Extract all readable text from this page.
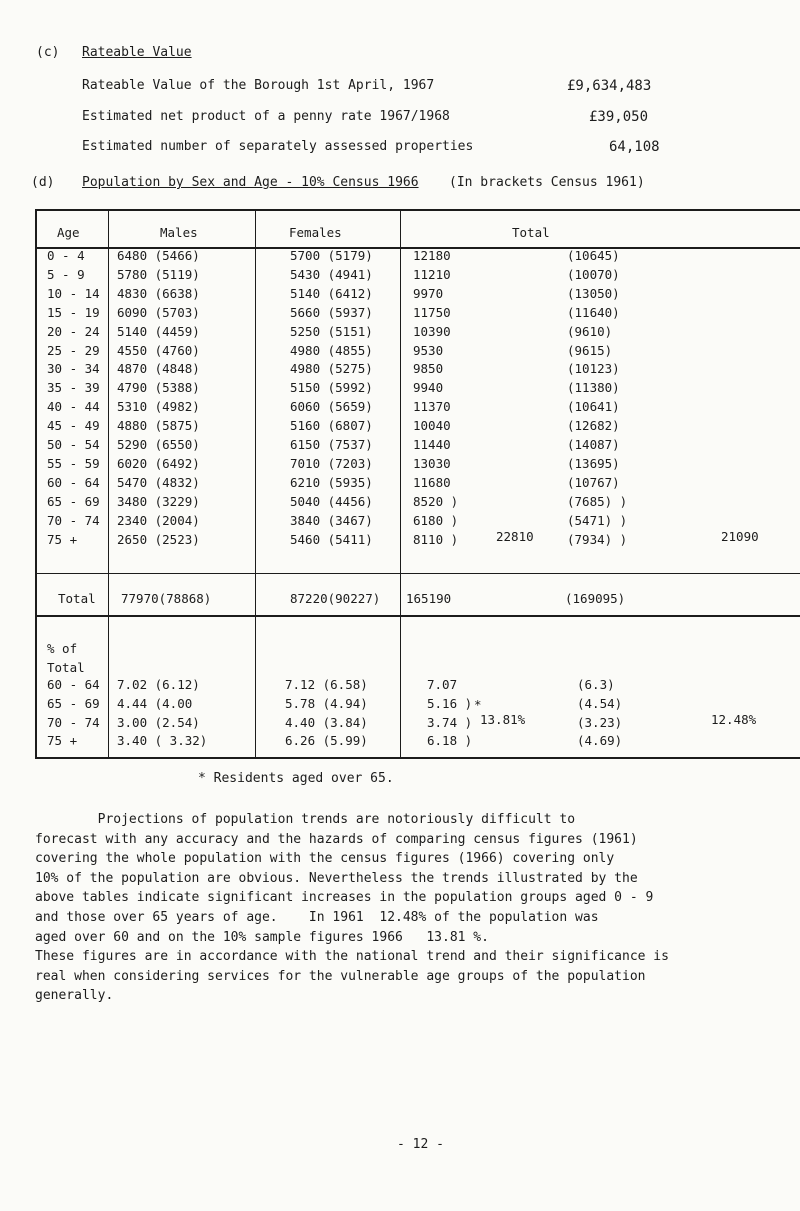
(c) Rateable Value
Rateable Value of the Borough 1st April, 1967	£9,634,483
Estimated net product of a penny rate 1967/1968	£39,050
Estimated number of separately assessed properties	64,108
(d) Population by Sex and Age - 10% Census 1966 (In brackets Census 1961)
Age	Males	Females	Total
0 - 4	6480 (5466)	5700 (5179)	12180	(10645)
5 - 9	5780 (5119)	5430 (4941)	11210	(10070)
10 - 14 4830 (6638)	5140 (6412)	9970	(13050)
15 - 19 6090 (5703)	5660 (5937)	11750	(11640)
20 - 24 5140 (4459)	5250 (5151)	10390	(9610)
25 - 29 4550 (4760)	4980 (4855)	9530	(9615)
30 - 34 4870 (4848)	4980 (5275)	9850	(10123)
35 - 39 4790 (5388)	5150 (5992)	9940	(11380)
40 - 44 5310 (4982)	6060 (5659)	11370	(10641)
45 - 49 4880 (5875)	5160 (6807)	10040	(12682)
50 - 54 5290 (6550)	6150 (7537)	11440	(14087)
55 - 59 6020 (6492)	7010 (7203)	13030	(13695)
60 - 64 5470 (4832)	6210 (5935)	11680	(10767)
65 - 69 3480 (3229)	5040 (4456)	8520 )	(7685) )
70 - 74 2340 (2004)	3840 (3467)	6180 )	(5471) )
75 +	2650 (2523)	5460 (5411)	8110 )	(7934) )
22810	21090
Total 77970(78868)	87220(90227) 165190	(169095)
% of
Total
60 - 64 7.02 (6.12)	7.12 (6.58)	7.07	(6.3)
65 - 69 4.44 (4.00	5.78 (4.94)	5.16 )	(4.54)
70 - 74 3.00 (2.54)	4.40 (3.84)	3.74 )	(3.23)
75 +	3.40 ( 3.32)	6.26 (5.99)	6.18 )	(4.69)
*
13.81%	12.48%
* Residents aged over 65.
Projections of population trends are notoriously difficult to
forecast with any accuracy and the hazards of comparing census figures (1961)
covering the whole population with the census figures (1966) covering only
10% of the population are obvious. Nevertheless the trends illustrated by the
above tables indicate significant increases in the population groups aged 0 - 9
and those over 65 years of age.    In 1961  12.48% of the population was
aged over 60 and on the 10% sample figures 1966   13.81 %.
These figures are in accordance with the national trend and their significance is
real when considering services for the vulnerable age groups of the population
generally.
- 12 -
